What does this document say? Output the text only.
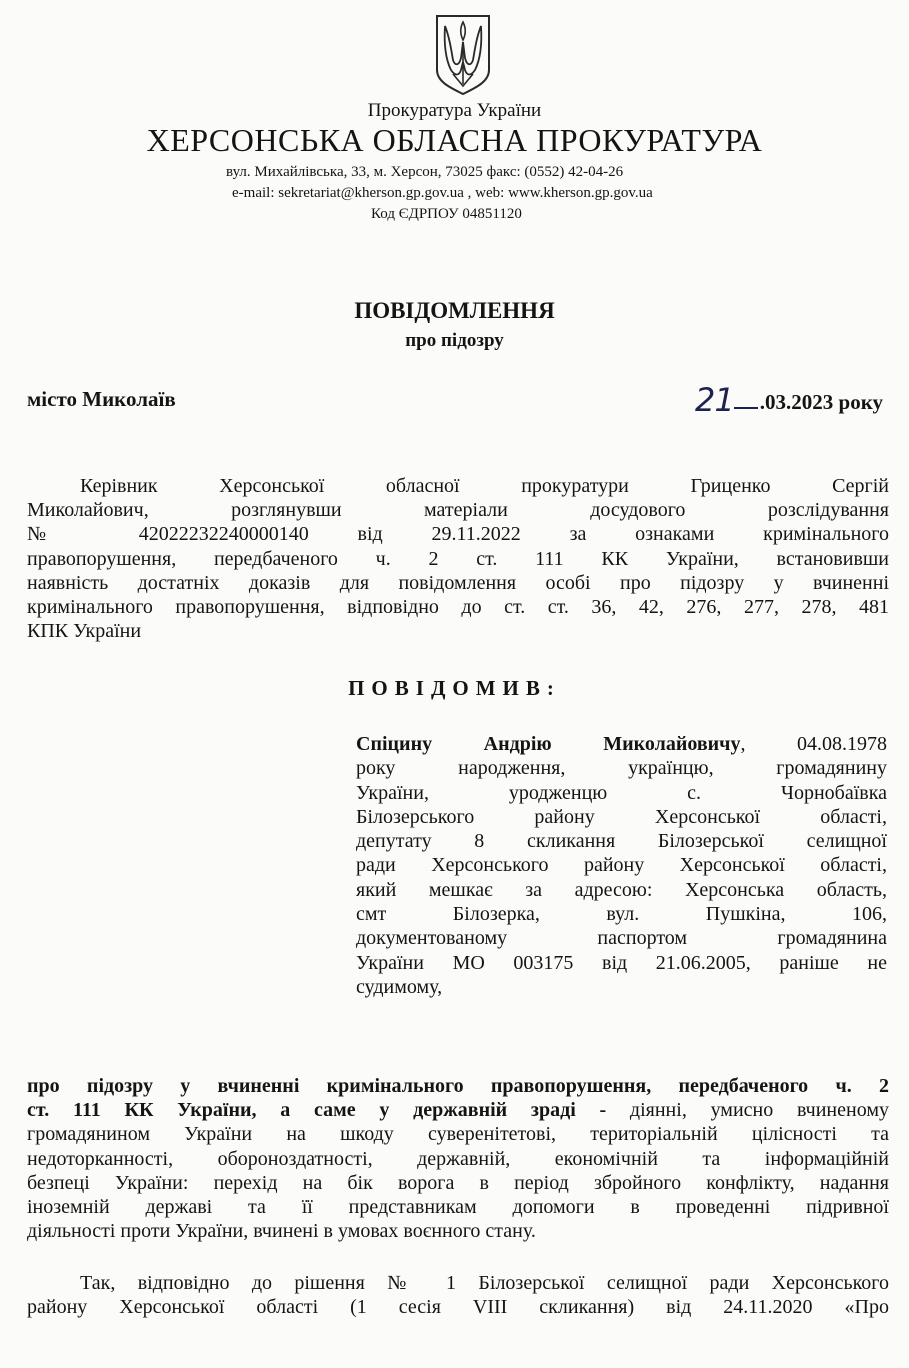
Прокуратура України
ХЕРСОНСЬКА ОБЛАСНА ПРОКУРАТУРА
вул. Михайлівська, 33, м. Херсон, 73025 факс: (0552) 42-04-26
e-mail: sekretariat@kherson.gp.gov.ua , web: www.kherson.gp.gov.ua
Код ЄДРПОУ 04851120
ПОВІДОМЛЕННЯ
про підозру
місто Миколаїв	21 .03.2023 року
Керівник Херсонської обласної прокуратури Гриценко Сергій
Миколайович, розглянувши матеріали досудового розслідування
№ 42022232240000140 від 29.11.2022 за ознаками кримінального
правопорушення, передбаченого ч. 2 ст. 111 КК України, встановивши
наявність достатніх доказів для повідомлення особі про підозру у вчиненні
кримінального правопорушення, відповідно до ст. ст. 36, 42, 276, 277, 278, 481
КПК України
ПОВІДОМИВ:
Спіцину Андрію Миколайовичу, 04.08.1978
року народження, українцю, громадянину
України, уродженцю с. Чорнобаївка
Білозерського району Херсонської області,
депутату 8 скликання Білозерської селищної
ради Херсонського району Херсонської області,
який мешкає за адресою: Херсонська область,
смт Білозерка, вул. Пушкіна, 106,
документованому паспортом громадянина
України МО 003175 від 21.06.2005, раніше не
судимому,
про підозру у вчиненні кримінального правопорушення, передбаченого ч. 2
ст. 111 КК України, а саме у державній зраді - діянні, умисно вчиненому
громадянином України на шкоду суверенітетові, територіальній цілісності та
недоторканності, обороноздатності, державній, економічній та інформаційній
безпеці України: перехід на бік ворога в період збройного конфлікту, надання
іноземній державі та її представникам допомоги в проведенні підривної
діяльності проти України, вчинені в умовах воєнного стану.
Так, відповідно до рішення № 1 Білозерської селищної ради Херсонського
району Херсонської області (1 сесія VIII скликання) від 24.11.2020 «Про
